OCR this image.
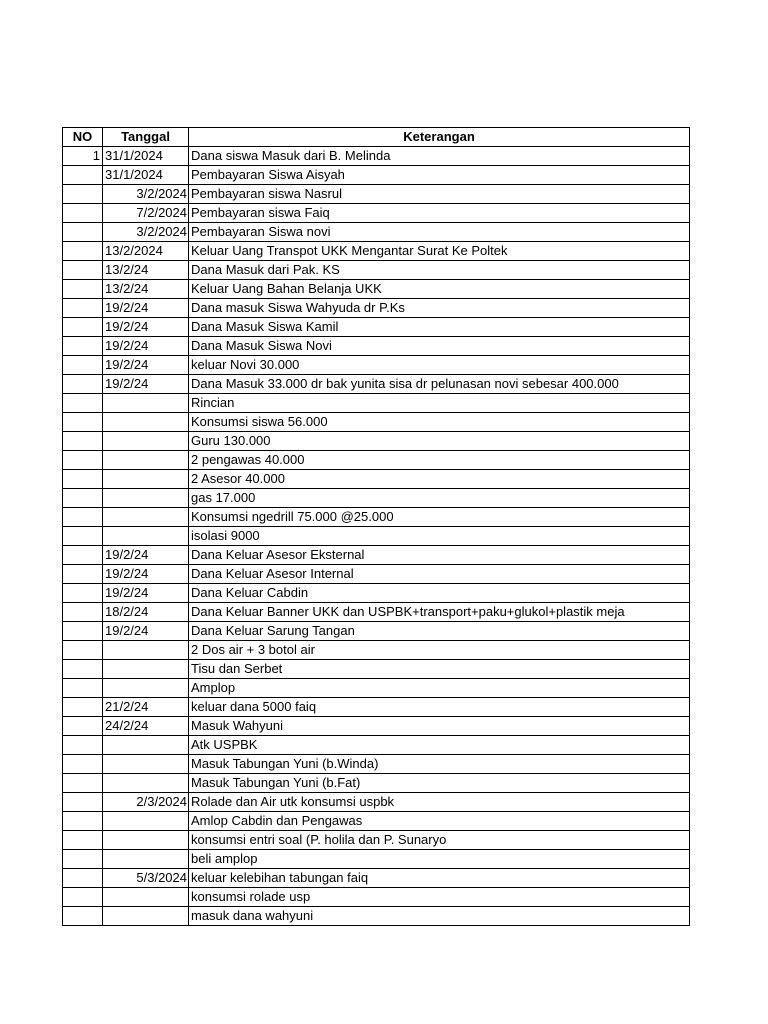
NO	Tanggal	Keterangan
1	31/1/2024	Dana siswa Masuk dari B. Melinda
	31/1/2024	Pembayaran Siswa Aisyah
	3/2/2024	Pembayaran siswa Nasrul
	7/2/2024	Pembayaran siswa Faiq
	3/2/2024	Pembayaran Siswa novi
	13/2/2024	Keluar Uang Transpot UKK Mengantar Surat Ke Poltek
	13/2/24	Dana Masuk dari Pak. KS
	13/2/24	Keluar Uang Bahan Belanja UKK
	19/2/24	Dana masuk Siswa Wahyuda dr P.Ks
	19/2/24	Dana Masuk Siswa Kamil
	19/2/24	Dana Masuk Siswa Novi
	19/2/24	keluar Novi 30.000
	19/2/24	Dana Masuk 33.000 dr bak yunita sisa dr pelunasan novi sebesar 400.000
		Rincian
		Konsumsi siswa 56.000
		Guru 130.000
		2 pengawas 40.000
		2 Asesor 40.000
		gas 17.000
		Konsumsi ngedrill 75.000 @25.000
		isolasi 9000
	19/2/24	Dana Keluar Asesor Eksternal
	19/2/24	Dana Keluar Asesor Internal
	19/2/24	Dana Keluar Cabdin
	18/2/24	Dana Keluar Banner UKK dan USPBK+transport+paku+glukol+plastik meja
	19/2/24	Dana Keluar Sarung Tangan
		2 Dos air + 3 botol air
		Tisu dan Serbet
		Amplop
	21/2/24	keluar dana 5000 faiq
	24/2/24	Masuk Wahyuni
		Atk USPBK
		Masuk Tabungan Yuni (b.Winda)
		Masuk Tabungan Yuni (b.Fat)
	2/3/2024	Rolade dan Air utk konsumsi uspbk
		Amlop Cabdin dan Pengawas
		konsumsi entri soal (P. holila dan P. Sunaryo
		beli amplop
	5/3/2024	keluar kelebihan tabungan faiq
		konsumsi rolade usp
		masuk dana wahyuni
